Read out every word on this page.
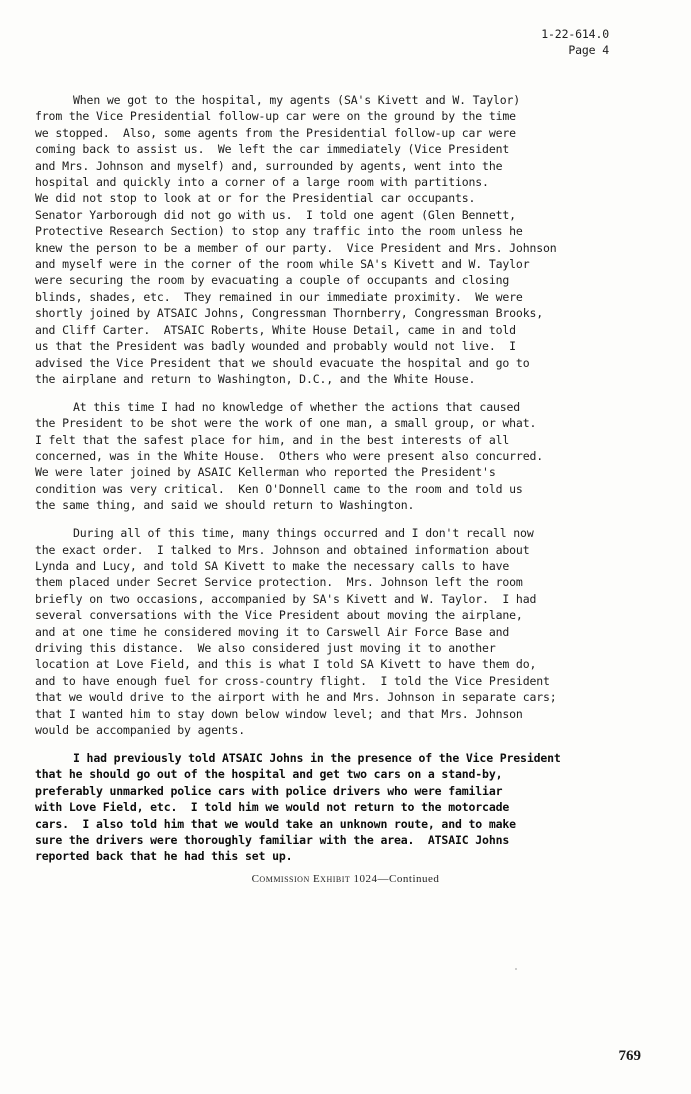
1-22-614.0
Page 4
When we got to the hospital, my agents (SA's Kivett and W. Taylor)
from the Vice Presidential follow-up car were on the ground by the time
we stopped.  Also, some agents from the Presidential follow-up car were
coming back to assist us.  We left the car immediately (Vice President
and Mrs. Johnson and myself) and, surrounded by agents, went into the
hospital and quickly into a corner of a large room with partitions.
We did not stop to look at or for the Presidential car occupants.
Senator Yarborough did not go with us.  I told one agent (Glen Bennett,
Protective Research Section) to stop any traffic into the room unless he
knew the person to be a member of our party.  Vice President and Mrs. Johnson
and myself were in the corner of the room while SA's Kivett and W. Taylor
were securing the room by evacuating a couple of occupants and closing
blinds, shades, etc.  They remained in our immediate proximity.  We were
shortly joined by ATSAIC Johns, Congressman Thornberry, Congressman Brooks,
and Cliff Carter.  ATSAIC Roberts, White House Detail, came in and told
us that the President was badly wounded and probably would not live.  I
advised the Vice President that we should evacuate the hospital and go to
the airplane and return to Washington, D.C., and the White House.
At this time I had no knowledge of whether the actions that caused
the President to be shot were the work of one man, a small group, or what.
I felt that the safest place for him, and in the best interests of all
concerned, was in the White House.  Others who were present also concurred.
We were later joined by ASAIC Kellerman who reported the President's
condition was very critical.  Ken O'Donnell came to the room and told us
the same thing, and said we should return to Washington.
During all of this time, many things occurred and I don't recall now
the exact order.  I talked to Mrs. Johnson and obtained information about
Lynda and Lucy, and told SA Kivett to make the necessary calls to have
them placed under Secret Service protection.  Mrs. Johnson left the room
briefly on two occasions, accompanied by SA's Kivett and W. Taylor.  I had
several conversations with the Vice President about moving the airplane,
and at one time he considered moving it to Carswell Air Force Base and
driving this distance.  We also considered just moving it to another
location at Love Field, and this is what I told SA Kivett to have them do,
and to have enough fuel for cross-country flight.  I told the Vice President
that we would drive to the airport with he and Mrs. Johnson in separate cars;
that I wanted him to stay down below window level; and that Mrs. Johnson
would be accompanied by agents.
I had previously told ATSAIC Johns in the presence of the Vice President
that he should go out of the hospital and get two cars on a stand-by,
preferably unmarked police cars with police drivers who were familiar
with Love Field, etc.  I told him we would not return to the motorcade
cars.  I also told him that we would take an unknown route, and to make
sure the drivers were thoroughly familiar with the area.  ATSAIC Johns
reported back that he had this set up.
Commission Exhibit 1024—Continued
769
